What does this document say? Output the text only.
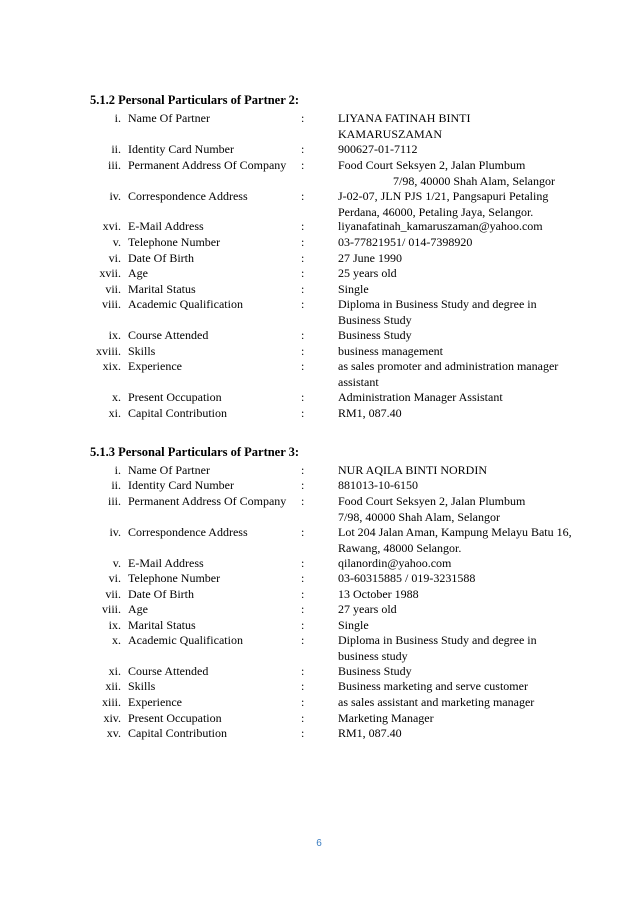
5.1.2 Personal Particulars of Partner 2:
i. Name Of Partner	:	LIYANA FATINAH BINTI
KAMARUSZAMAN
ii. Identity Card Number	:	900627-01-7112
iii. Permanent Address Of Company :	Food Court Seksyen 2, Jalan Plumbum
7/98, 40000 Shah Alam, Selangor
iv. Correspondence Address	:	J-02-07, JLN PJS 1/21, Pangsapuri Petaling
Perdana, 46000, Petaling Jaya, Selangor.
xvi. E-Mail Address	:	liyanafatinah_kamaruszaman@yahoo.com
v. Telephone Number	:	03-77821951/ 014-7398920
vi. Date Of Birth	:	27 June 1990
xvii. Age	:	25 years old
vii. Marital Status	:	Single
viii. Academic Qualification	:	Diploma in Business Study and degree in
Business Study
ix. Course Attended	:	Business Study
xviii. Skills	:	business management
xix. Experience	:	as sales promoter and administration manager
assistant
x. Present Occupation	:	Administration Manager Assistant
xi. Capital Contribution	:	RM1, 087.40
5.1.3 Personal Particulars of Partner 3:
i. Name Of Partner	:	NUR AQILA BINTI NORDIN
ii. Identity Card Number	:	881013-10-6150
iii. Permanent Address Of Company :	Food Court Seksyen 2, Jalan Plumbum
7/98, 40000 Shah Alam, Selangor
iv. Correspondence Address	:	Lot 204 Jalan Aman, Kampung Melayu Batu 16,
Rawang, 48000 Selangor.
v. E-Mail Address	:	qilanordin@yahoo.com
vi. Telephone Number	:	03-60315885 / 019-3231588
vii. Date Of Birth	:	13 October 1988
viii. Age	:	27 years old
ix. Marital Status	:	Single
x. Academic Qualification	:	Diploma in Business Study and degree in
business study
xi. Course Attended	:	Business Study
xii. Skills	:	Business marketing and serve customer
xiii. Experience	:	as sales assistant and marketing manager
xiv. Present Occupation	:	Marketing Manager
xv. Capital Contribution	:	RM1, 087.40
6
